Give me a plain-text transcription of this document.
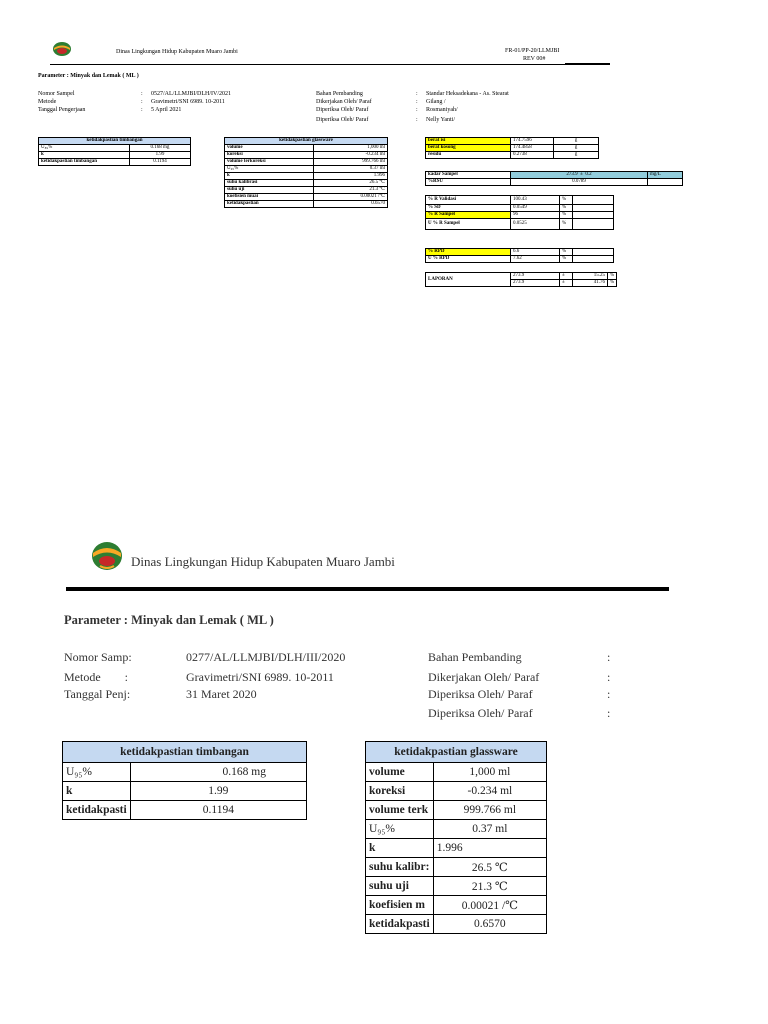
Dinas Lingkungan Hidup Kabupaten Muaro Jambi	FR-01/PP-20/LLMJBI
REV 00#
Parameter : Minyak dan Lemak ( ML )
Nomor Sampel	: 0527/AL/LLMJBI/DLH/IV/2021
Metode	: Gravimetri/SNI 6989. 10-2011
Tanggal Pengerjaan	: 5 April 2021
Bahan Pembanding	: Standar Heksadekana - As. Stearat
Dikerjakan Oleh/ Paraf	: Gilang /
Diperiksa Oleh/ Paraf	: Rosmaniyah/
Diperiksa Oleh/ Paraf	: Nelly Yanti/
ketidakpastian timbangan	
U₈₉%	0.168 mg
k	1.99
ketidakpastian timbangan	0.1194
ketidakpastian glassware	
volume	1,000 ml
koreksi	-0.234 ml
volume terkoreksi	999.766 ml
U₉₅%	0.37 ml
k	1.996
suhu kalibrasi	26.5 ℃
suhu uji	21.3 ℃
koefisien muai	0.00021 /℃
ketidakpastian	0.6570
berat isi	174.7596	g
berat kosong	174.4858	g
residu	0.2738	g
kadar Sampel	273.9 ± 0.2	mg/L
%RSU	0.0789	
% R Validasi	100.43	%	
% SD	0.0549	%	
% R Sampel	96	%	
U % R Sampel	0.0525	%	
% RPD	6.6	%	
U % RPD	7.62	%	
LAPORAN	273.9	±	15.25	%
	273.9	±	41.76	%
Dinas Lingkungan Hidup Kabupaten Muaro Jambi
Parameter : Minyak dan Lemak ( ML )
Nomor Samp:	0277/AL/LLMJBI/DLH/III/2020
Metode        :	Gravimetri/SNI 6989. 10-2011
Tanggal Penj:	31 Maret 2020
Bahan Pembanding	:
Dikerjakan Oleh/ Paraf	:
Diperiksa Oleh/ Paraf	:
Diperiksa Oleh/ Paraf	:
ketidakpastian timbangan	
U₉₅%	0.168 mg
k	1.99
ketidakpasti	0.1194
ketidakpastian glassware	
volume	1,000 ml
koreksi	-0.234 ml
volume terk	999.766 ml
U₉₅%	0.37 ml
k	1.996
suhu kalibr:	26.5 ℃
suhu uji	21.3 ℃
koefisien m	0.00021 /℃
ketidakpasti	0.6570
